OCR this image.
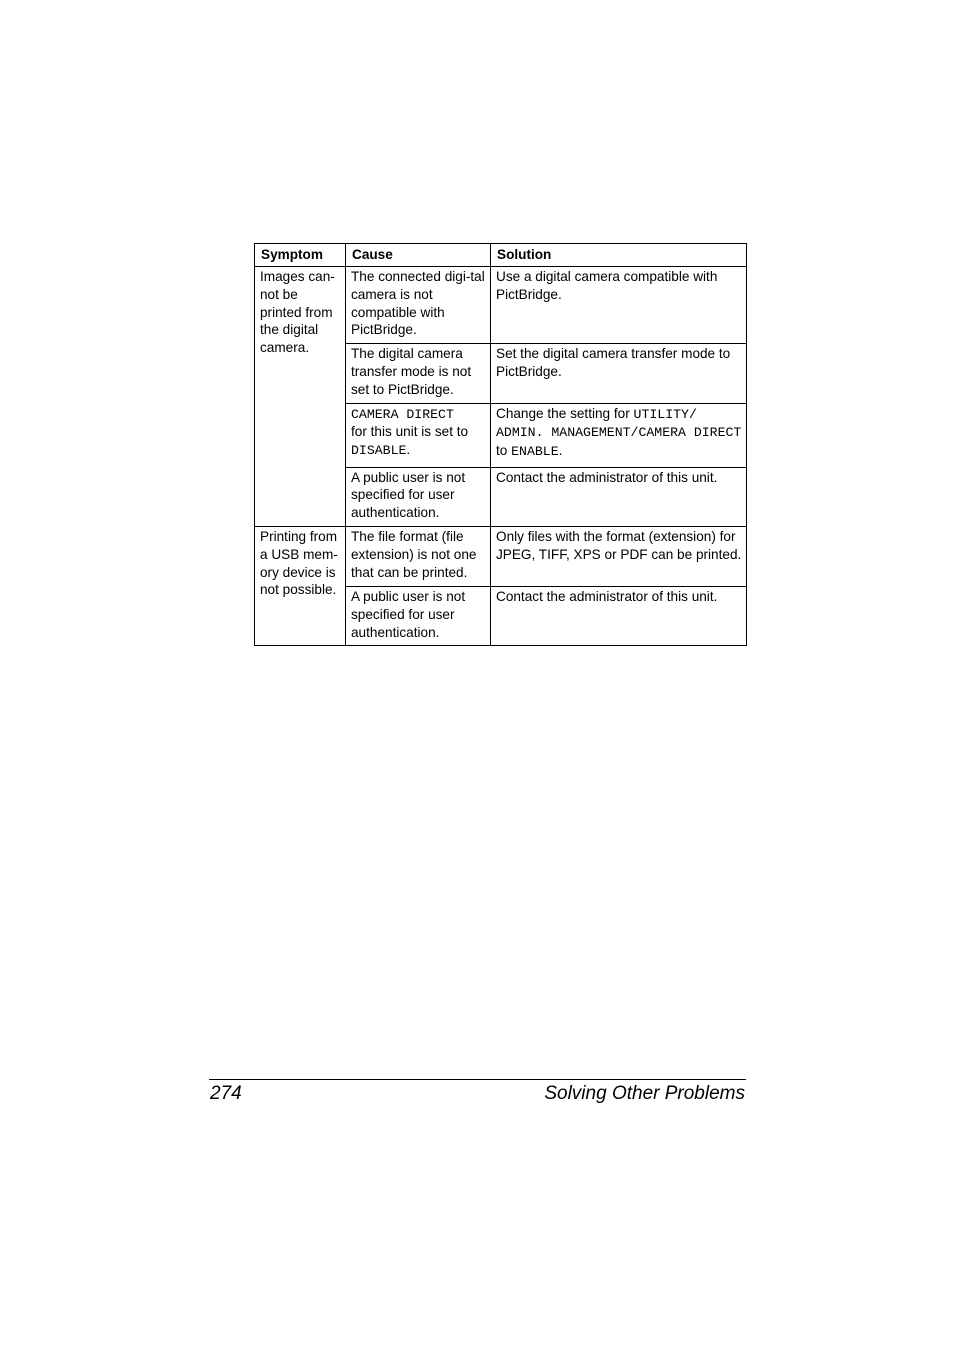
Symptom	Cause	Solution
Images can-
not be
printed from
the digital
camera.	The connected digi-tal camera is not compatible with PictBridge.	Use a digital camera compatible with PictBridge.
	The digital camera transfer mode is not set to PictBridge.	Set the digital camera transfer mode to PictBridge.
	CAMERA DIRECT
for this unit is set to
DISABLE.	Change the setting for UTILITY/ ADMIN. MANAGEMENT/CAMERA DIRECT to ENABLE.
	A public user is not specified for user authentication.	Contact the administrator of this unit.
Printing from a USB mem-ory device is not possible.	The file format (file extension) is not one that can be printed.	Only files with the format (extension) for JPEG, TIFF, XPS or PDF can be printed.
	A public user is not specified for user authentication.	Contact the administrator of this unit.
274	Solving Other Problems
